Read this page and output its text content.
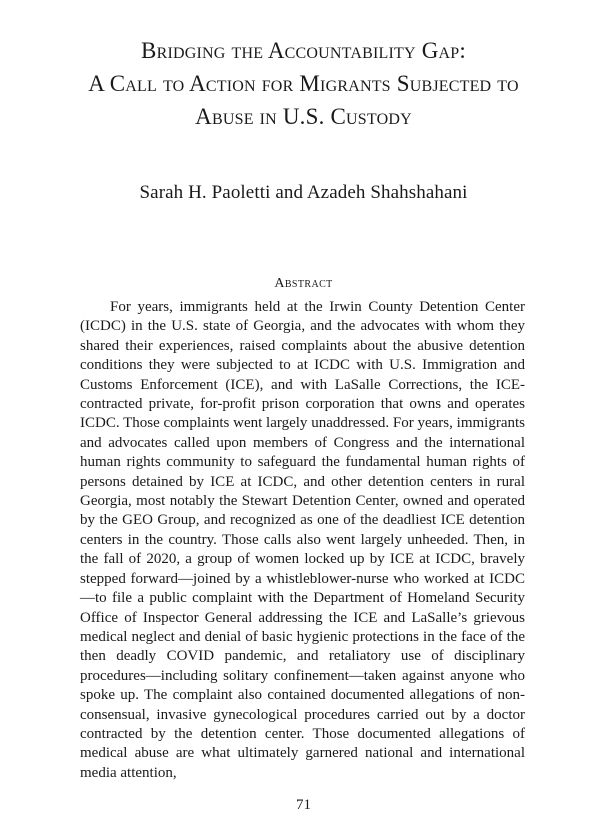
Bridging the Accountability Gap:
A Call to Action for Migrants Subjected to
Abuse in U.S. Custody
Sarah H. Paoletti and Azadeh Shahshahani
Abstract

For years, immigrants held at the Irwin County Detention Center (ICDC) in the U.S. state of Georgia, and the advocates with whom they shared their experiences, raised complaints about the abusive detention conditions they were subjected to at ICDC with U.S. Immigration and Customs Enforcement (ICE), and with LaSalle Corrections, the ICE-contracted private, for-profit prison corporation that owns and operates ICDC. Those complaints went largely unaddressed. For years, immigrants and advocates called upon members of Congress and the international human rights community to safeguard the fundamental human rights of persons detained by ICE at ICDC, and other detention centers in rural Georgia, most notably the Stewart Detention Center, owned and operated by the GEO Group, and recognized as one of the deadliest ICE detention centers in the country. Those calls also went largely unheeded. Then, in the fall of 2020, a group of women locked up by ICE at ICDC, bravely stepped forward—joined by a whistleblower-nurse who worked at ICDC—to file a public complaint with the Department of Homeland Security Office of Inspector General addressing the ICE and LaSalle’s grievous medical neglect and denial of basic hygienic protections in the face of the then deadly COVID pandemic, and retaliatory use of disciplinary procedures—including solitary confinement—taken against anyone who spoke up. The complaint also contained documented allegations of non-consensual, invasive gynecological procedures carried out by a doctor contracted by the detention center. Those documented allegations of medical abuse are what ultimately garnered national and international media attention,

71
